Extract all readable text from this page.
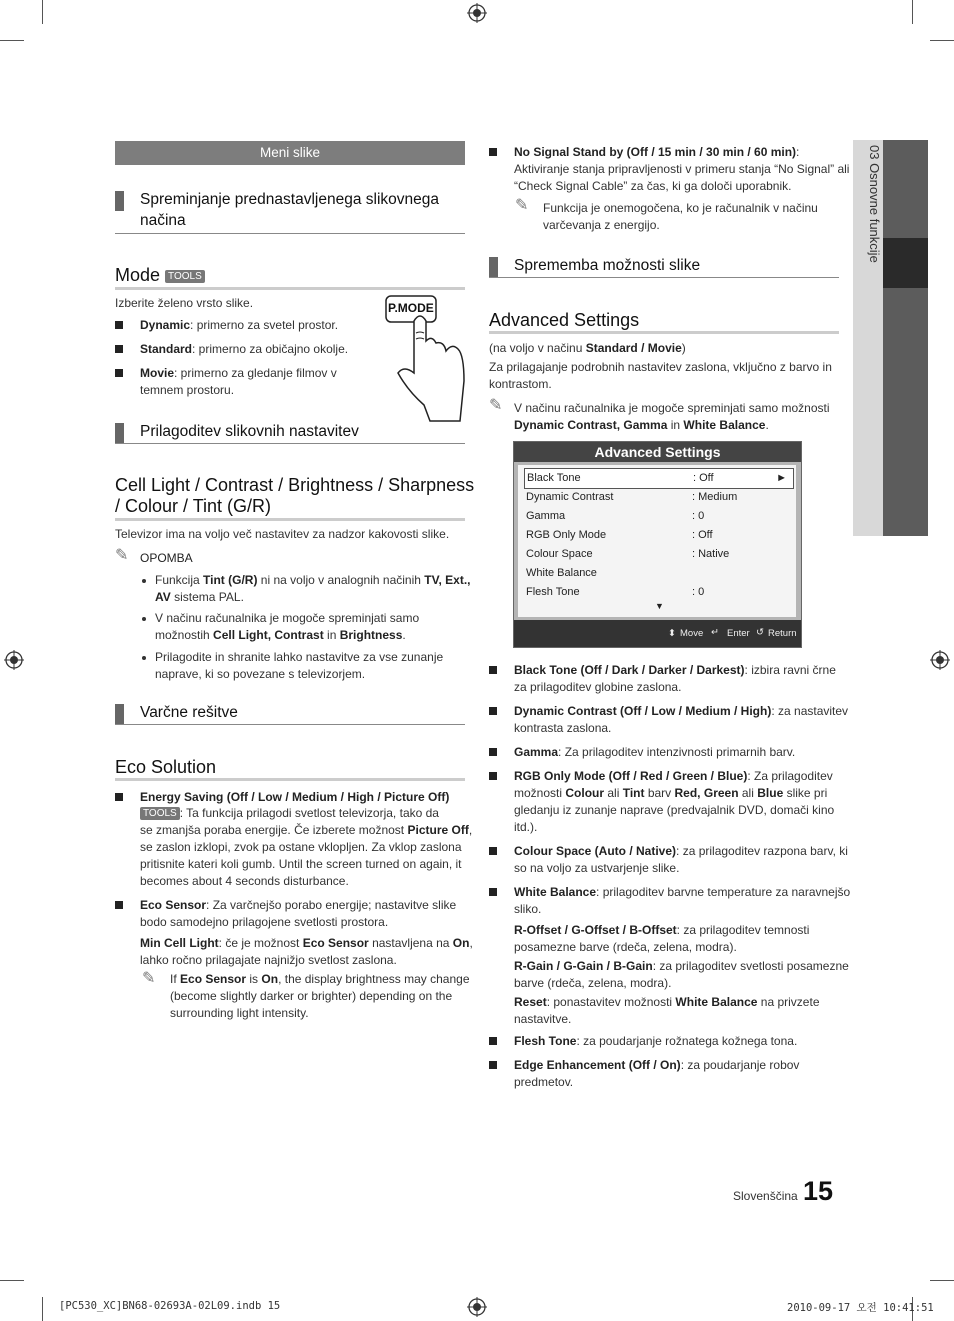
03 Osnovne funkcije
Meni slike
Spreminjanje prednastavljenega slikovnega načina
Mode TOOLS
Izberite želeno vrsto slike.
Dynamic: primerno za svetel prostor.
Standard: primerno za običajno okolje.
Movie: primerno za gledanje filmov v
temnem prostoru.
P.MODE
Prilagoditev slikovnih nastavitev
Cell Light / Contrast / Brightness / Sharpness
/ Colour / Tint (G/R)
Televizor ima na voljo več nastavitev za nadzor kakovosti slike.
✎ OPOMBA
Funkcija Tint (G/R) ni na voljo v analognih načinih TV, Ext.,
AV sistema PAL.
V načinu računalnika je mogoče spreminjati samo
možnostih Cell Light, Contrast in Brightness.
Prilagodite in shranite lahko nastavitve za vse zunanje
naprave, ki so povezane s televizorjem.
Varčne rešitve
Eco Solution
Energy Saving (Off / Low / Medium / High / Picture Off)
TOOLS : Ta funkcija prilagodi svetlost televizorja, tako da
se zmanjša poraba energije. Če izberete možnost Picture Off,
se zaslon izklopi, zvok pa ostane vklopljen. Za vklop zaslona
pritisnite kateri koli gumb. Until the screen turned on again, it
becomes about 4 seconds disturbance.
Eco Sensor: Za varčnejšo porabo energije; nastavitve slike
bodo samodejno prilagojene svetlosti prostora.
Min Cell Light: če je možnost Eco Sensor nastavljena na On,
lahko ročno prilagajate najnižjo svetlost zaslona.
✎ If Eco Sensor is On, the display brightness may change
(become slightly darker or brighter) depending on the
surrounding light intensity.
No Signal Stand by (Off / 15 min / 30 min / 60 min):
Aktiviranje stanja pripravljenosti v primeru stanja “No Signal” ali
“Check Signal Cable” za čas, ki ga določi uporabnik.
✎ Funkcija je onemogočena, ko je računalnik v načinu
varčevanja z energijo.
Sprememba možnosti slike
Advanced Settings
(na voljo v načinu Standard / Movie)
Za prilagajanje podrobnih nastavitev zaslona, vključno z barvo in
kontrastom.
✎ V načinu računalnika je mogoče spreminjati samo možnosti
Dynamic Contrast, Gamma in White Balance.
Advanced Settings
Black Tone	: Off	►
Dynamic Contrast	: Medium
Gamma	: 0
RGB Only Mode	: Off
Colour Space	: Native
White Balance
Flesh Tone	: 0
▼
⬍ Move ↵ Enter ↺ Return
Black Tone (Off / Dark / Darker / Darkest): izbira ravni črne
za prilagoditev globine zaslona.
Dynamic Contrast (Off / Low / Medium / High): za nastavitev
kontrasta zaslona.
Gamma: Za prilagoditev intenzivnosti primarnih barv.
RGB Only Mode (Off / Red / Green / Blue): Za prilagoditev
možnosti Colour ali Tint barv Red, Green ali Blue slike pri
gledanju iz zunanje naprave (predvajalnik DVD, domači kino
itd.).
Colour Space (Auto / Native): za prilagoditev razpona barv, ki
so na voljo za ustvarjenje slike.
White Balance: prilagoditev barvne temperature za naravnejšo
sliko.
R-Offset / G-Offset / B-Offset: za prilagoditev temnosti
posamezne barve (rdeča, zelena, modra).
R-Gain / G-Gain / B-Gain: za prilagoditev svetlosti posamezne
barve (rdeča, zelena, modra).
Reset: ponastavitev možnosti White Balance na privzete
nastavitve.
Flesh Tone: za poudarjanje rožnatega kožnega tona.
Edge Enhancement (Off / On): za poudarjanje robov
predmetov.
Slovenščina 15
[PC530_XC]BN68-02693A-02L09.indb 15	2010-09-17 오전 10:41:51
